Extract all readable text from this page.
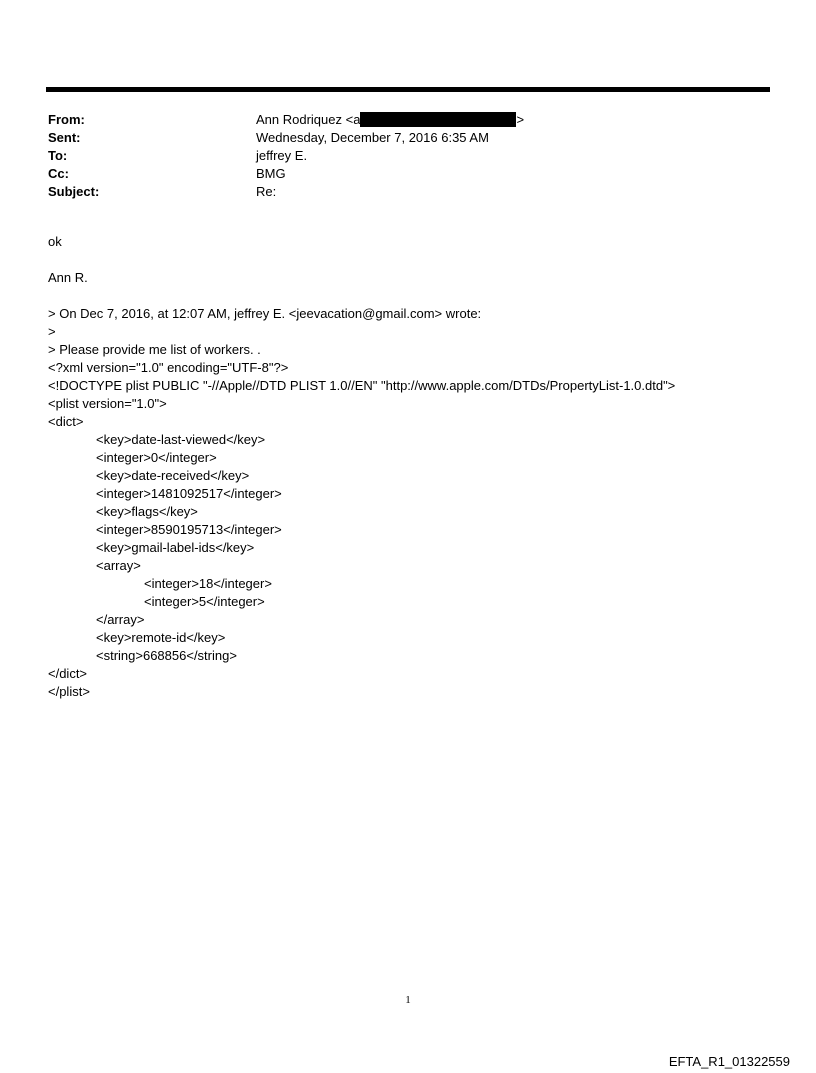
From:	Ann Rodriquez <a	>
Sent:	Wednesday, December 7, 2016 6:35 AM
To:	jeffrey E.
Cc:	BMG
Subject:	Re:
ok
Ann R.
> On Dec 7, 2016, at 12:07 AM, jeffrey E. <jeevacation@gmail.com> wrote:
>
> Please provide me list of workers. .
<?xml version="1.0" encoding="UTF-8"?>
<!DOCTYPE plist PUBLIC "-//Apple//DTD PLIST 1.0//EN" "http://www.apple.com/DTDs/PropertyList-1.0.dtd">
<plist version="1.0">
<dict>
<key>date-last-viewed</key>
<integer>0</integer>
<key>date-received</key>
<integer>1481092517</integer>
<key>flags</key>
<integer>8590195713</integer>
<key>gmail-label-ids</key>
<array>
<integer>18</integer>
<integer>5</integer>
</array>
<key>remote-id</key>
<string>668856</string>
</dict>
</plist>
1
EFTA_R1_01322559
